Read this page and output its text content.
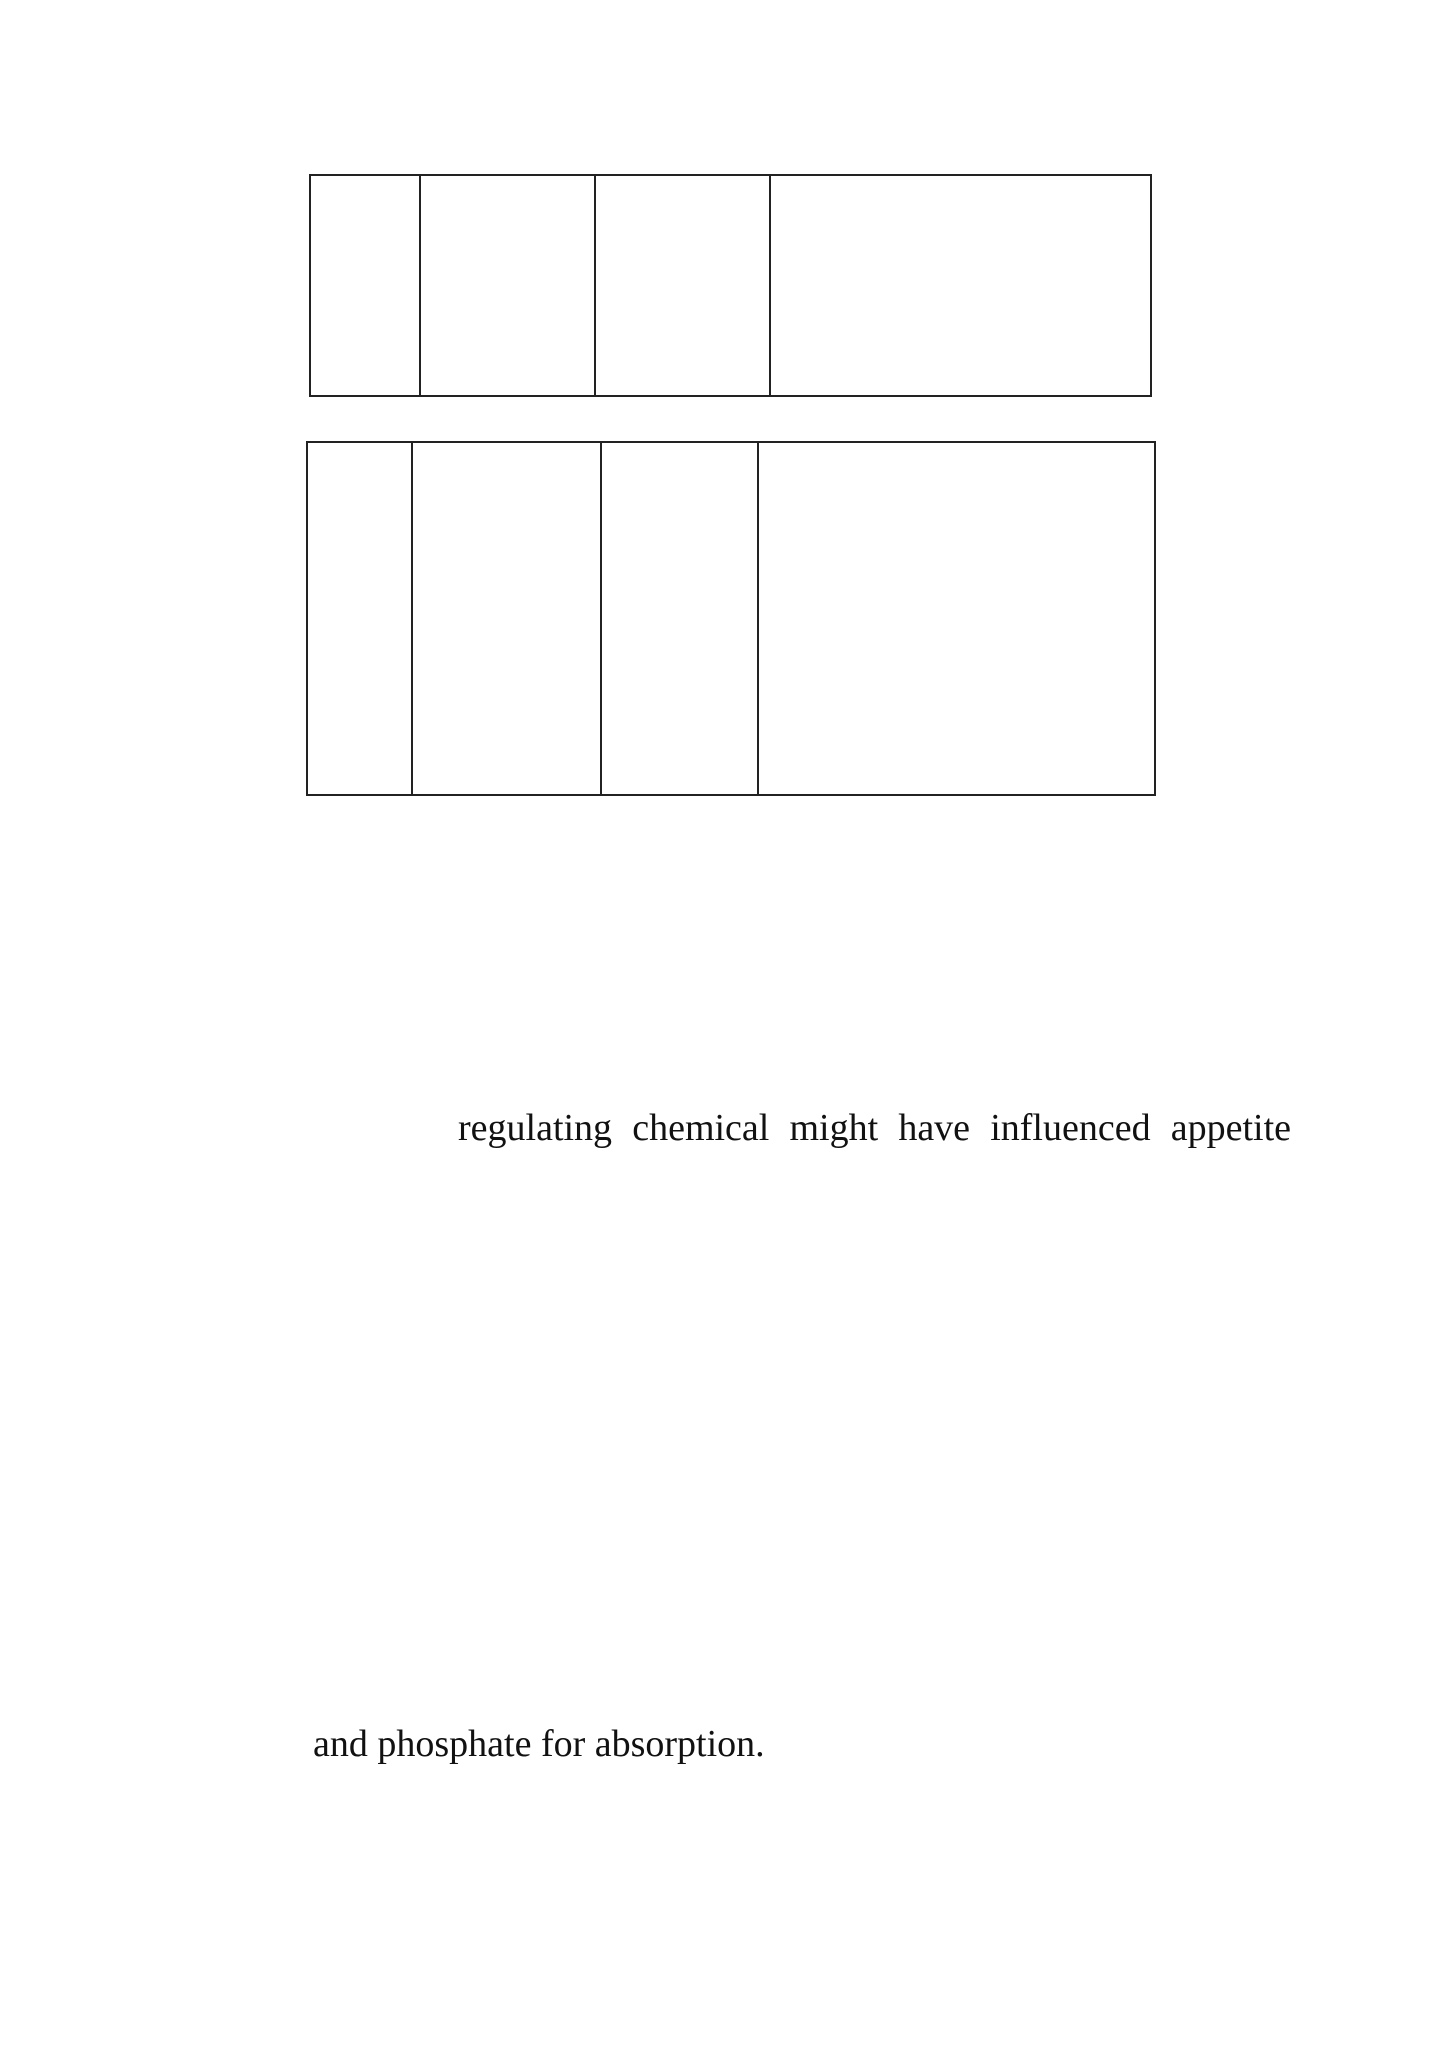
regulating chemical might have influenced appetite
and phosphate for absorption.
